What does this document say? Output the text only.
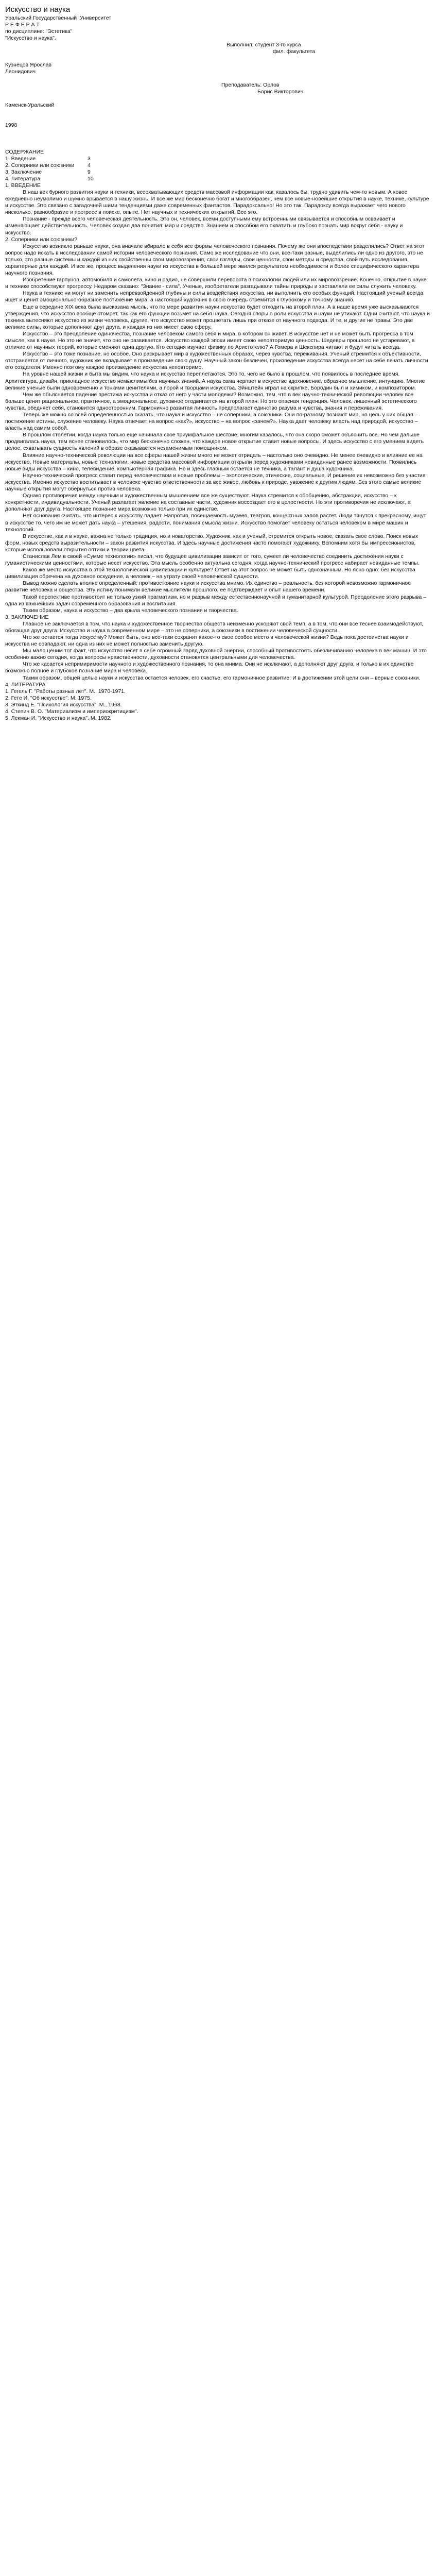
Искусство и наука

Уральский Государственный  Университет

Р Е Ф Е Р А Т

по дисциплине: "Эстетика"

"Искусство и наука".

Выполнил: студент 3-го курса

фил. факультета

Кузнецов Ярослав
Леонидович

Преподаватель: Орлов

Борис Викторович

Каменск-Уральский

1998

СОДЕРЖАНИЕ

1. Введение	3
2. Соперники или союзники	4
3. Заключение	9
4. Литература	10

1. ВВЕДЕНИЕ

В наш век бурного развития науки и техники, всеохватывающих средств массовой информации как, казалось бы, трудно удивить чем-то новым. А ковое ежедневно неумолимо и шумно врывается в нашу жизнь. И все же мир бесконечно богат и многообразен, чем все новые-новейшие открытия в науке, технике, культуре и искусстве. Это связано с загадочней шими тенденциями даже современных фантастов. Парадоксально! Но это так. Парадоксу всегда выражает чего нового нисколько, разнообразие и прогресс в поиске, опыте. Нет научных и технических открытий. Все это.

Познание - прежде всего человеческая деятельность. Это он, человек, всеми доступными ему встроенными связывается и способным осваивает и изменяющает действительность. Человек создал два понятия: мир и средство. Знанием и способом его охватить и глубоко познать мир вокруг себя - науку и искусство.

2. Соперники или союзники?

Искусство возникло раньше науки, она вначале вбирало в себя все формы человеческого познания. Почему же они впоследствии разделились? Ответ на этот вопрос надо искать в исследовании самой истории человеческого познания. Само же исследование что они, все-таки разные, выделились ли одно из другого, это не только, это разные системы и каждой из них свойственны свои мировоззрения, свои взгляды, свои ценности, свои методы и средства, свой путь исследования, характерные для каждой. И все же, процесс выделения науки из искусства в большей мере явился результатом необходимости и более специфического характера научного познания.

Изобретение гарпунов, автомобиля и самолета, кино и радио, не совершили переворота в психологии людей или их мировоззрение. Конечно, открытие в науке и технике способствуют прогрессу. Недаром сказано: "Знание - сила". Ученые, изобретатели разгадывали тайны природы и заставляли ее силы служить человеку.

Наука в технике ни могут ни заменить непревзойденной глубины и силы воздействия искусства, ни выполнить его особых функций. Настоящий ученый всегда ищет и ценит эмоционально-образное постижение мира, а настоящий художник в свою очередь стремится к глубокому и точному знанию.

Еще в середине XIX века была высказана мысль, что по мере развития науки искусство будет отходить на второй план. А в наше время уже высказываются утверждения, что искусство вообще отомрет, так как его функции возьмет на себя наука. Сегодня споры о роли искусства и науки не утихают. Одни считают, что наука и техника вытесняют искусство из жизни человека, другие, что искусство может процветать лишь при отказе от научного подхода. И те, и другие не правы. Это две великие силы, которые дополняют друг друга, и каждая из них имеет свою сферу.

Искусство – это преодоление одиночества, познание человеком самого себя и мира, в котором он живет. В искусстве нет и не может быть прогресса в том смысле, как в науке. Но это не значит, что оно не развивается. Искусство каждой эпохи имеет свою неповторимую ценность. Шедевры прошлого не устаревают, в отличие от научных теорий, которые сменяют одна другую. Кто сегодня изучает физику по Аристотелю? А Гомера и Шекспира читают и будут читать всегда.

Искусство – это тоже познание, но особое. Оно раскрывает мир в художественных образах, через чувства, переживания. Ученый стремится к объективности, отстраняется от личного, художник же вкладывает в произведение свою душу. Научный закон безличен, произведение искусства всегда несет на себе печать личности его создателя. Именно поэтому каждое произведение искусства неповторимо.

На уровне нашей жизни и быта мы видим, что наука и искусство переплетаются. Это то, чего не было в прошлом, что появилось в последнее время. Архитектура, дизайн, прикладное искусство немыслимы без научных знаний. А наука сама черпает в искусстве вдохновение, образное мышление, интуицию. Многие великие ученые были одновременно и тонкими ценителями, а порой и творцами искусства. Эйнштейн играл на скрипке, Бородин был и химиком, и композитором.

Чем же объясняется падение престижа искусства и отказ от него у части молодежи? Возможно, тем, что в век научно-технической революции человек все больше ценит рациональное, практичное, а эмоциональное, духовное отодвигается на второй план. Но это опасная тенденция. Человек, лишенный эстетического чувства, обедняет себя, становится односторонним. Гармонично развитая личность предполагает единство разума и чувства, знания и переживания.

Теперь же можно со всей определенностью сказать, что наука и искусство – не соперники, а союзники. Они по-разному познают мир, но цель у них общая – постижение истины, служение человеку. Наука отвечает на вопрос «как?», искусство – на вопрос «зачем?». Наука дает человеку власть над природой, искусство – власть над самим собой.

В прошлом столетии, когда наука только еще начинала свое триумфальное шествие, многим казалось, что она скоро сможет объяснить все. Но чем дальше продвигалась наука, тем яснее становилось, что мир бесконечно сложен, что каждое новое открытие ставит новые вопросы. И здесь искусство с его умением видеть целое, схватывать сущность явлений в образе оказывается незаменимым помощником.

Влияние научно-технической революции на все сферы нашей жизни много не может отрицать – настолько оно очевидно. Не менее очевидно и влияние ее на искусство. Новые материалы, новые технологии, новые средства массовой информации открыли перед художниками невиданные ранее возможности. Появились новые виды искусства – кино, телевидение, компьютерная графика. Но и здесь главным остается не техника, а талант и душа художника.

Научно-технический прогресс ставит перед человечеством и новые проблемы – экологические, этические, социальные. И решение их невозможно без участия искусства. Именно искусство воспитывает в человеке чувство ответственности за все живое, любовь к природе, уважение к другим людям. Без этого самые великие научные открытия могут обернуться против человека.

Однако противоречия между научным и художественным мышлением все же существуют. Наука стремится к обобщению, абстракции, искусство – к конкретности, индивидуальности. Ученый разлагает явление на составные части, художник воссоздает его в целостности. Но эти противоречия не исключают, а дополняют друг друга. Настоящее познание мира возможно только при их единстве.

Нет основания считать, что интерес к искусству падает. Напротив, посещаемость музеев, театров, концертных залов растет. Люди тянутся к прекрасному, ищут в искусстве то, чего им не может дать наука – утешения, радости, понимания смысла жизни. Искусство помогает человеку остаться человеком в мире машин и технологий.

В искусстве, как и в науке, важна не только традиция, но и новаторство. Художник, как и ученый, стремится открыть новое, сказать свое слово. Поиск новых форм, новых средств выразительности – закон развития искусства. И здесь научные достижения часто помогают художнику. Вспомним хотя бы импрессионистов, которые использовали открытия оптики и теории цвета.

Станислав Лем в своей «Сумме технологии» писал, что будущее цивилизации зависит от того, сумеет ли человечество соединить достижения науки с гуманистическими ценностями, которые несет искусство. Эта мысль особенно актуальна сегодня, когда научно-технический прогресс набирает невиданные темпы.

Каков же место искусства в этой технологической цивилизации и культуре? Ответ на этот вопрос не может быть однозначным. Но ясно одно: без искусства цивилизация обречена на духовное оскудение, а человек – на утрату своей человеческой сущности.

Вывод можно сделать вполне определенный: противостояние науки и искусства мнимо. Их единство – реальность, без которой невозможно гармоничное развитие человека и общества. Эту истину понимали великие мыслители прошлого, ее подтверждает и опыт нашего времени.

Такой перспективе противостоит не только узкий прагматизм, но и разрыв между естественнонаучной и гуманитарной культурой. Преодоление этого разрыва – одна из важнейших задач современного образования и воспитания.

Таким образом, наука и искусство – два крыла человеческого познания и творчества.

3. ЗАКЛЮЧЕНИЕ

Главное не заключается в том, что наука и художественное творчество обществ неизменно ускоряют свой темп, а в том, что они все теснее взаимодействуют, обогащая друг друга. Искусство и наука в современном мире – это не соперники, а союзники в постижении человеческой сущности.

Что же остается тогда искусству? Может быть, оно все-таки сохранит какое-то свое особое место в человеческой жизни? Ведь пока достоинства науки и искусства не совпадают, ни одна из них не может полностью заменить другую.

Мы мало ценим тот факт, что искусство несет в себе огромный заряд духовной энергии, способный противостоять обезличиванию человека в век машин. И это особенно важно сегодня, когда вопросы нравственности, духовности становятся центральными для человечества.

Что же касается непримиримости научного и художественного познания, то она мнима. Они не исключают, а дополняют друг друга, и только в их единстве возможно полное и глубокое познание мира и человека.

Таким образом, общей целью науки и искусства остается человек, его счастье, его гармоничное развитие. И в достижении этой цели они – верные союзники.

4. ЛИТЕРАТУРА

1. Гегель Г. "Работы разных лет". М., 1970-1971.

2. Гете И. "Об искусстве". М. 1975.

3. Эткинд Е. "Психология искусства". М., 1968.

4. Степин В. О. "Материализм и империокритицизм".

5. Лекман И. "Искусство и наука". М. 1982.
